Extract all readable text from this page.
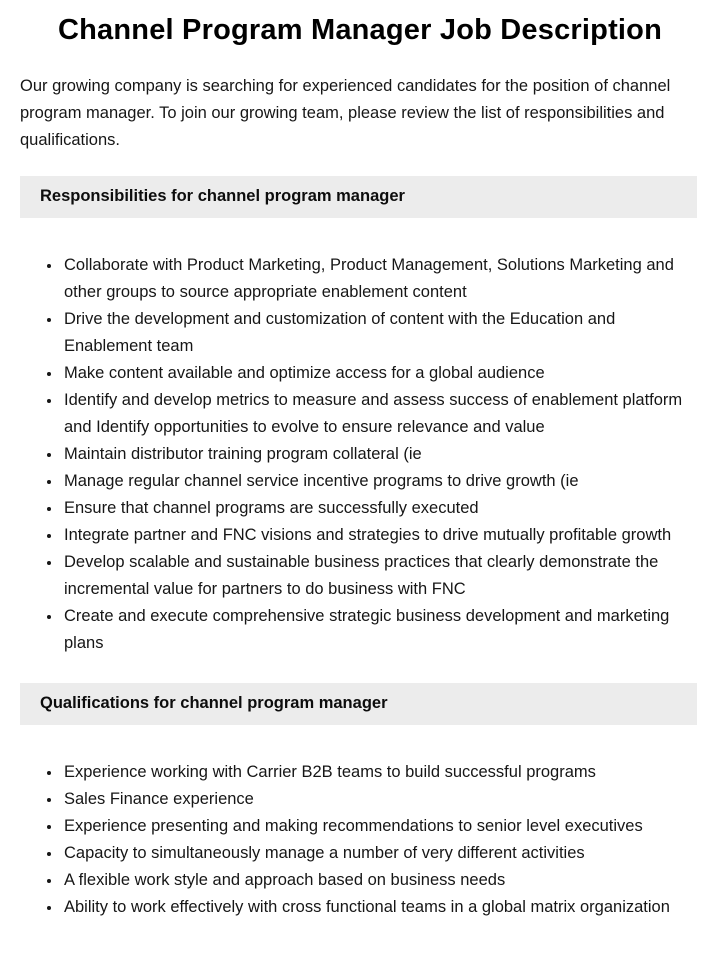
Channel Program Manager Job Description

Our growing company is searching for experienced candidates for the position of channel program manager. To join our growing team, please review the list of responsibilities and qualifications.

Responsibilities for channel program manager
• Collaborate with Product Marketing, Product Management, Solutions Marketing and other groups to source appropriate enablement content
• Drive the development and customization of content with the Education and Enablement team
• Make content available and optimize access for a global audience
• Identify and develop metrics to measure and assess success of enablement platform and Identify opportunities to evolve to ensure relevance and value
• Maintain distributor training program collateral (ie
• Manage regular channel service incentive programs to drive growth (ie
• Ensure that channel programs are successfully executed
• Integrate partner and FNC visions and strategies to drive mutually profitable growth
• Develop scalable and sustainable business practices that clearly demonstrate the incremental value for partners to do business with FNC
• Create and execute comprehensive strategic business development and marketing plans
Qualifications for channel program manager
• Experience working with Carrier B2B teams to build successful programs
• Sales Finance experience
• Experience presenting and making recommendations to senior level executives
• Capacity to simultaneously manage a number of very different activities
• A flexible work style and approach based on business needs
• Ability to work effectively with cross functional teams in a global matrix organization
